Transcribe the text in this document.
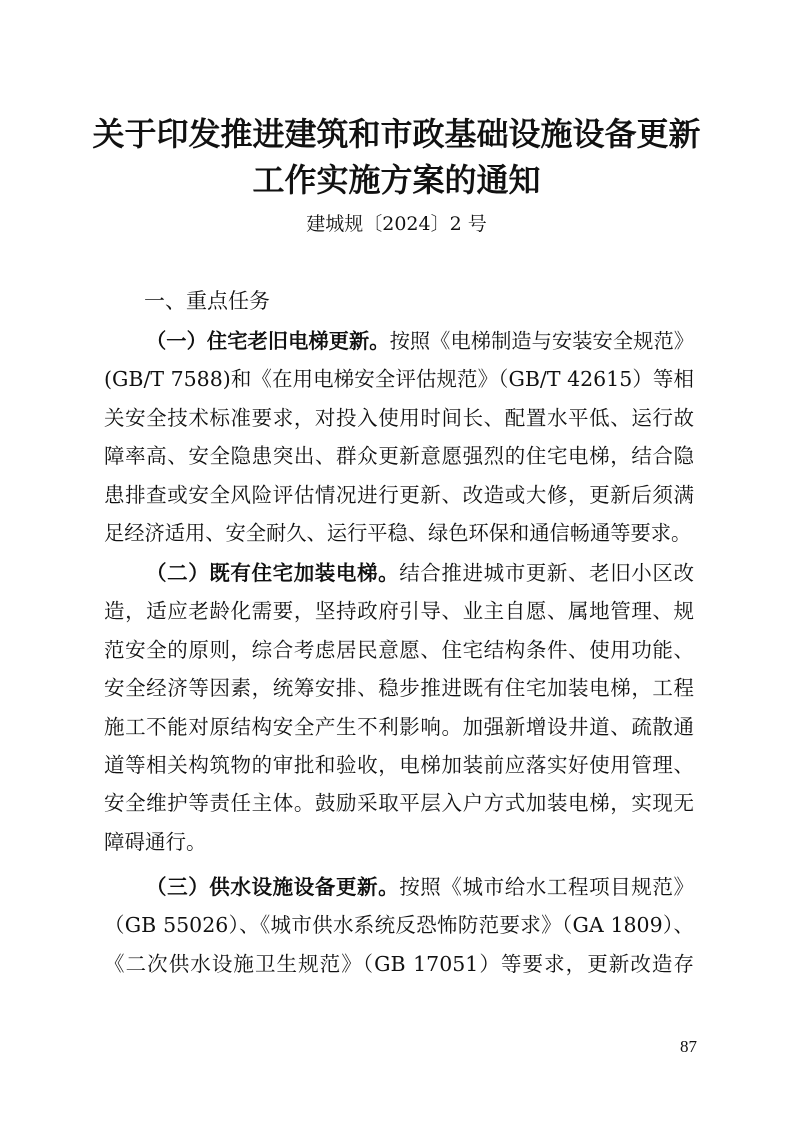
关于印发推进建筑和市政基础设施设备更新
工作实施方案的通知
建城规〔2024〕2 号
一、重点任务
（一）住宅老旧电梯更新。按照《电梯制造与安装安全规范》
(GB/T 7588)和《在用电梯安全评估规范》（GB/T 42615）等相
关安全技术标准要求，对投入使用时间长、配置水平低、运行故
障率高、安全隐患突出、群众更新意愿强烈的住宅电梯，结合隐
患排查或安全风险评估情况进行更新、改造或大修，更新后须满
足经济适用、安全耐久、运行平稳、绿色环保和通信畅通等要求。
（二）既有住宅加装电梯。结合推进城市更新、老旧小区改
造，适应老龄化需要，坚持政府引导、业主自愿、属地管理、规
范安全的原则，综合考虑居民意愿、住宅结构条件、使用功能、
安全经济等因素，统筹安排、稳步推进既有住宅加装电梯，工程
施工不能对原结构安全产生不利影响。加强新增设井道、疏散通
道等相关构筑物的审批和验收，电梯加装前应落实好使用管理、
安全维护等责任主体。鼓励采取平层入户方式加装电梯，实现无
障碍通行。
（三）供水设施设备更新。按照《城市给水工程项目规范》
（GB 55026）、《城市供水系统反恐怖防范要求》（GA 1809）、
《二次供水设施卫生规范》（GB 17051）等要求，更新改造存
87
